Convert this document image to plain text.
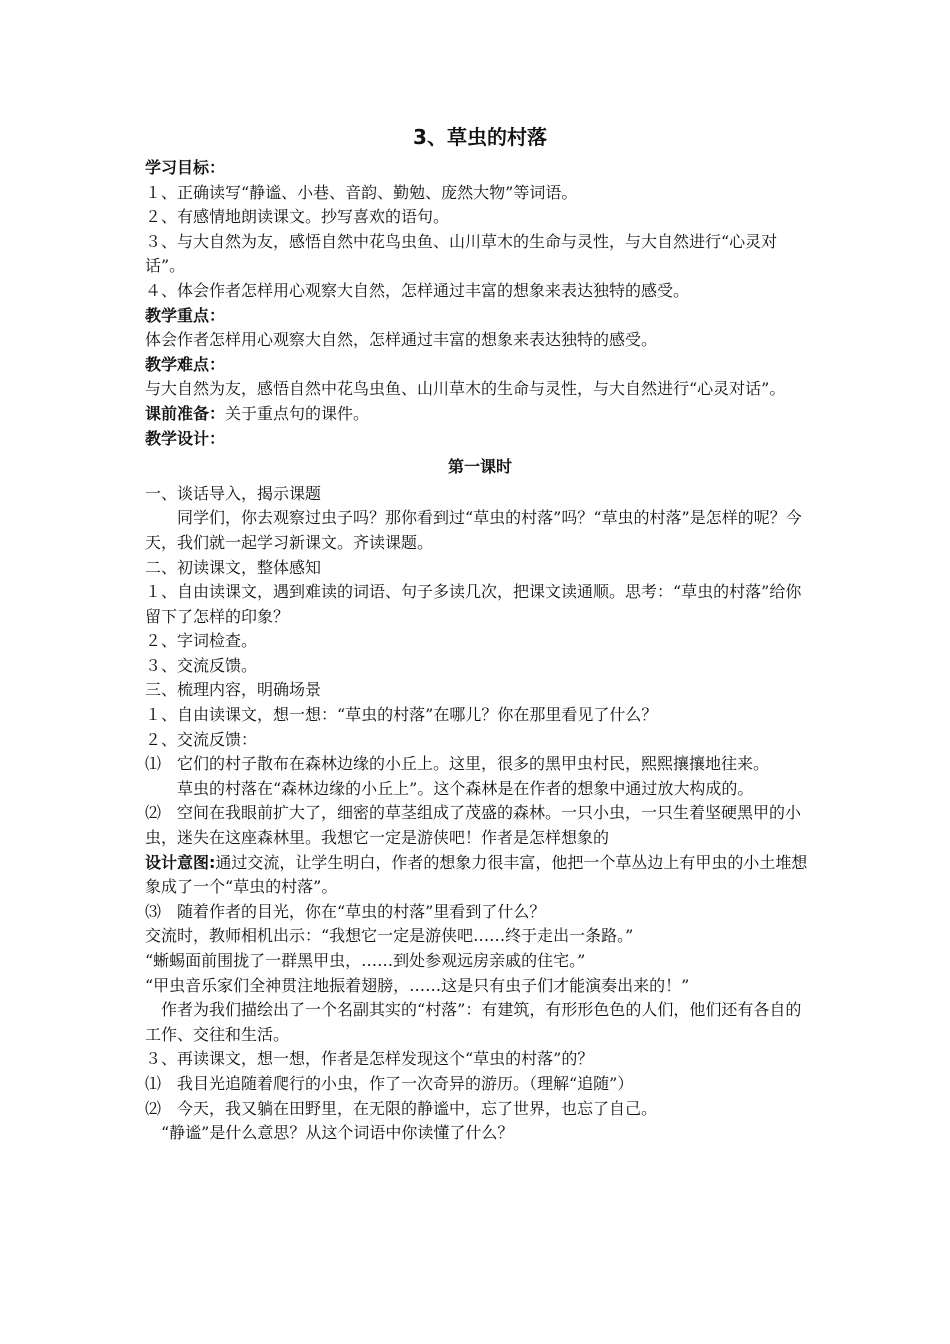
3、草虫的村落

学习目标：

１、正确读写“静谧、小巷、音韵、勤勉、庞然大物”等词语。

２、有感情地朗读课文。抄写喜欢的语句。

３、与大自然为友，感悟自然中花鸟虫鱼、山川草木的生命与灵性，与大自然进行“心灵对话”。

４、体会作者怎样用心观察大自然，怎样通过丰富的想象来表达独特的感受。

教学重点：

体会作者怎样用心观察大自然，怎样通过丰富的想象来表达独特的感受。

教学难点：

与大自然为友，感悟自然中花鸟虫鱼、山川草木的生命与灵性，与大自然进行“心灵对话”。

课前准备：关于重点句的课件。

教学设计：

第一课时

一、谈话导入，揭示课题

同学们，你去观察过虫子吗？那你看到过“草虫的村落”吗？“草虫的村落”是怎样的呢？今天，我们就一起学习新课文。齐读课题。

二、初读课文，整体感知

１、自由读课文，遇到难读的词语、句子多读几次，把课文读通顺。思考：“草虫的村落”给你留下了怎样的印象？

２、字词检查。

３、交流反馈。

三、梳理内容，明确场景

１、自由读课文，想一想：“草虫的村落”在哪儿？你在那里看见了什么？

２、交流反馈：

⑴　它们的村子散布在森林边缘的小丘上。这里，很多的黑甲虫村民，熙熙攘攘地往来。

草虫的村落在“森林边缘的小丘上”。这个森林是在作者的想象中通过放大构成的。

⑵　空间在我眼前扩大了，细密的草茎组成了茂盛的森林。一只小虫，一只生着坚硬黑甲的小虫，迷失在这座森林里。我想它一定是游侠吧！作者是怎样想象的

设计意图:通过交流，让学生明白，作者的想象力很丰富，他把一个草丛边上有甲虫的小土堆想象成了一个“草虫的村落”。

⑶　随着作者的目光，你在“草虫的村落”里看到了什么？

交流时，教师相机出示：“我想它一定是游侠吧……终于走出一条路。”

“蜥蜴面前围拢了一群黑甲虫，……到处参观远房亲戚的住宅。”

“甲虫音乐家们全神贯注地振着翅膀，……这是只有虫子们才能演奏出来的！”

作者为我们描绘出了一个名副其实的“村落”：有建筑，有形形色色的人们，他们还有各自的工作、交往和生活。

３、再读课文，想一想，作者是怎样发现这个“草虫的村落”的？

⑴　我目光追随着爬行的小虫，作了一次奇异的游历。（理解“追随”）

⑵　今天，我又躺在田野里，在无限的静谧中，忘了世界，也忘了自己。

“静谧”是什么意思？从这个词语中你读懂了什么？
